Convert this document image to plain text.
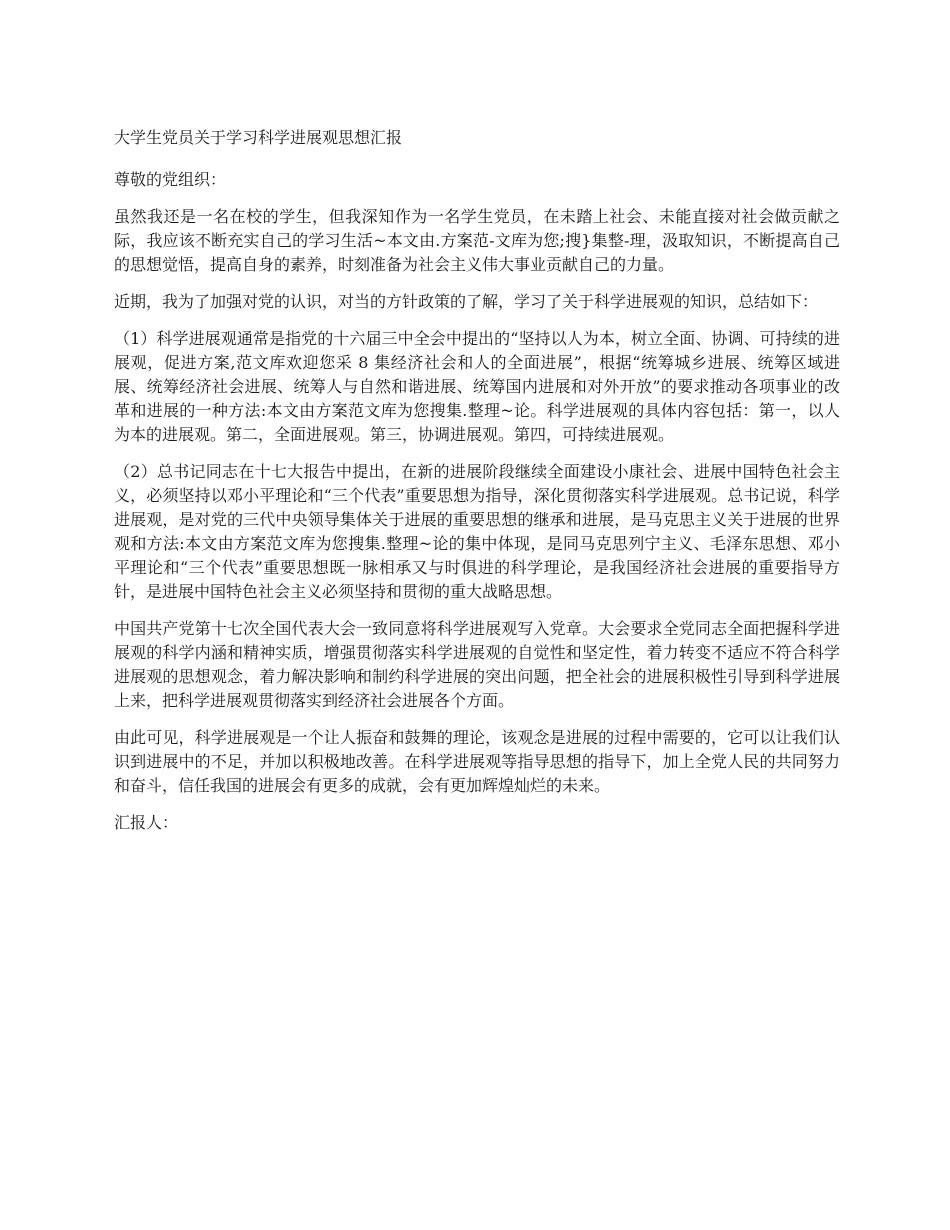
大学生党员关于学习科学进展观思想汇报

尊敬的党组织：

虽然我还是一名在校的学生，但我深知作为一名学生党员，在未踏上社会、未能直接对社会做贡献之际，我应该不断充实自己的学习生活~本文由.方案范-文库为您;搜}集整-理，汲取知识，不断提高自己的思想觉悟，提高自身的素养，时刻准备为社会主义伟大事业贡献自己的力量。

近期，我为了加强对党的认识，对当的方针政策的了解，学习了关于科学进展观的知识，总结如下：

（1）科学进展观通常是指党的十六届三中全会中提出的“坚持以人为本，树立全面、协调、可持续的进展观，促进方案,范文库欢迎您采 8 集经济社会和人的全面进展”，根据“统筹城乡进展、统筹区域进展、统筹经济社会进展、统筹人与自然和谐进展、统筹国内进展和对外开放”的要求推动各项事业的改革和进展的一种方法:本文由方案范文库为您搜集.整理~论。科学进展观的具体内容包括：第一，以人为本的进展观。第二，全面进展观。第三，协调进展观。第四，可持续进展观。

（2）总书记同志在十七大报告中提出，在新的进展阶段继续全面建设小康社会、进展中国特色社会主义，必须坚持以邓小平理论和“三个代表”重要思想为指导，深化贯彻落实科学进展观。总书记说，科学进展观，是对党的三代中央领导集体关于进展的重要思想的继承和进展，是马克思主义关于进展的世界观和方法:本文由方案范文库为您搜集.整理~论的集中体现，是同马克思列宁主义、毛泽东思想、邓小平理论和“三个代表”重要思想既一脉相承又与时俱进的科学理论，是我国经济社会进展的重要指导方针，是进展中国特色社会主义必须坚持和贯彻的重大战略思想。

中国共产党第十七次全国代表大会一致同意将科学进展观写入党章。大会要求全党同志全面把握科学进展观的科学内涵和精神实质，增强贯彻落实科学进展观的自觉性和坚定性，着力转变不适应不符合科学进展观的思想观念，着力解决影响和制约科学进展的突出问题，把全社会的进展积极性引导到科学进展上来，把科学进展观贯彻落实到经济社会进展各个方面。

由此可见，科学进展观是一个让人振奋和鼓舞的理论，该观念是进展的过程中需要的，它可以让我们认识到进展中的不足，并加以积极地改善。在科学进展观等指导思想的指导下，加上全党人民的共同努力和奋斗，信任我国的进展会有更多的成就，会有更加辉煌灿烂的未来。

汇报人：
